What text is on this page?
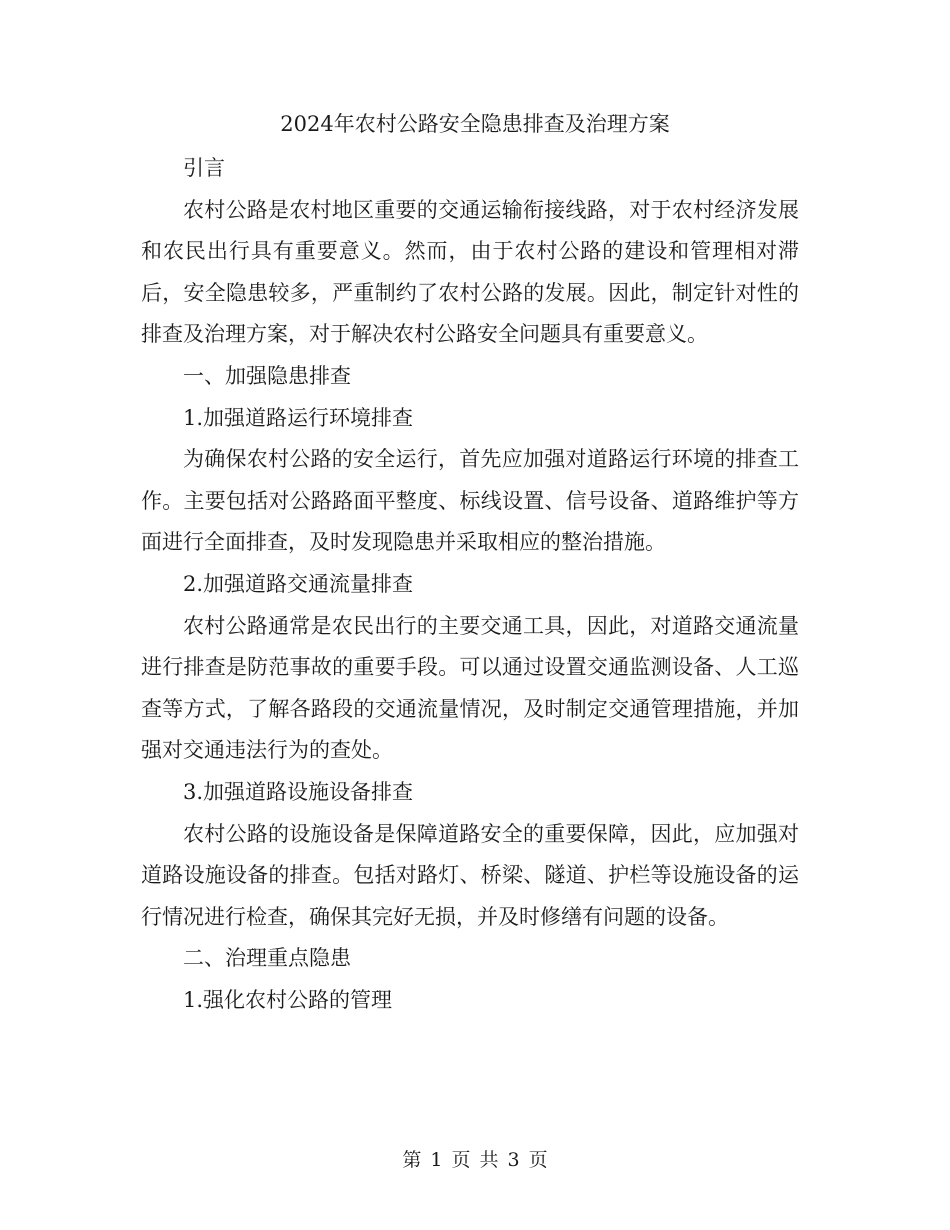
2024年农村公路安全隐患排查及治理方案

引言

农村公路是农村地区重要的交通运输衔接线路，对于农村经济发展和农民出行具有重要意义。然而，由于农村公路的建设和管理相对滞后，安全隐患较多，严重制约了农村公路的发展。因此，制定针对性的排查及治理方案，对于解决农村公路安全问题具有重要意义。

一、加强隐患排查

1.加强道路运行环境排查

为确保农村公路的安全运行，首先应加强对道路运行环境的排查工作。主要包括对公路路面平整度、标线设置、信号设备、道路维护等方面进行全面排查，及时发现隐患并采取相应的整治措施。

2.加强道路交通流量排查

农村公路通常是农民出行的主要交通工具，因此，对道路交通流量进行排查是防范事故的重要手段。可以通过设置交通监测设备、人工巡查等方式，了解各路段的交通流量情况，及时制定交通管理措施，并加强对交通违法行为的查处。

3.加强道路设施设备排查

农村公路的设施设备是保障道路安全的重要保障，因此，应加强对道路设施设备的排查。包括对路灯、桥梁、隧道、护栏等设施设备的运行情况进行检查，确保其完好无损，并及时修缮有问题的设备。

二、治理重点隐患

1.强化农村公路的管理

第 1 页 共 3 页
